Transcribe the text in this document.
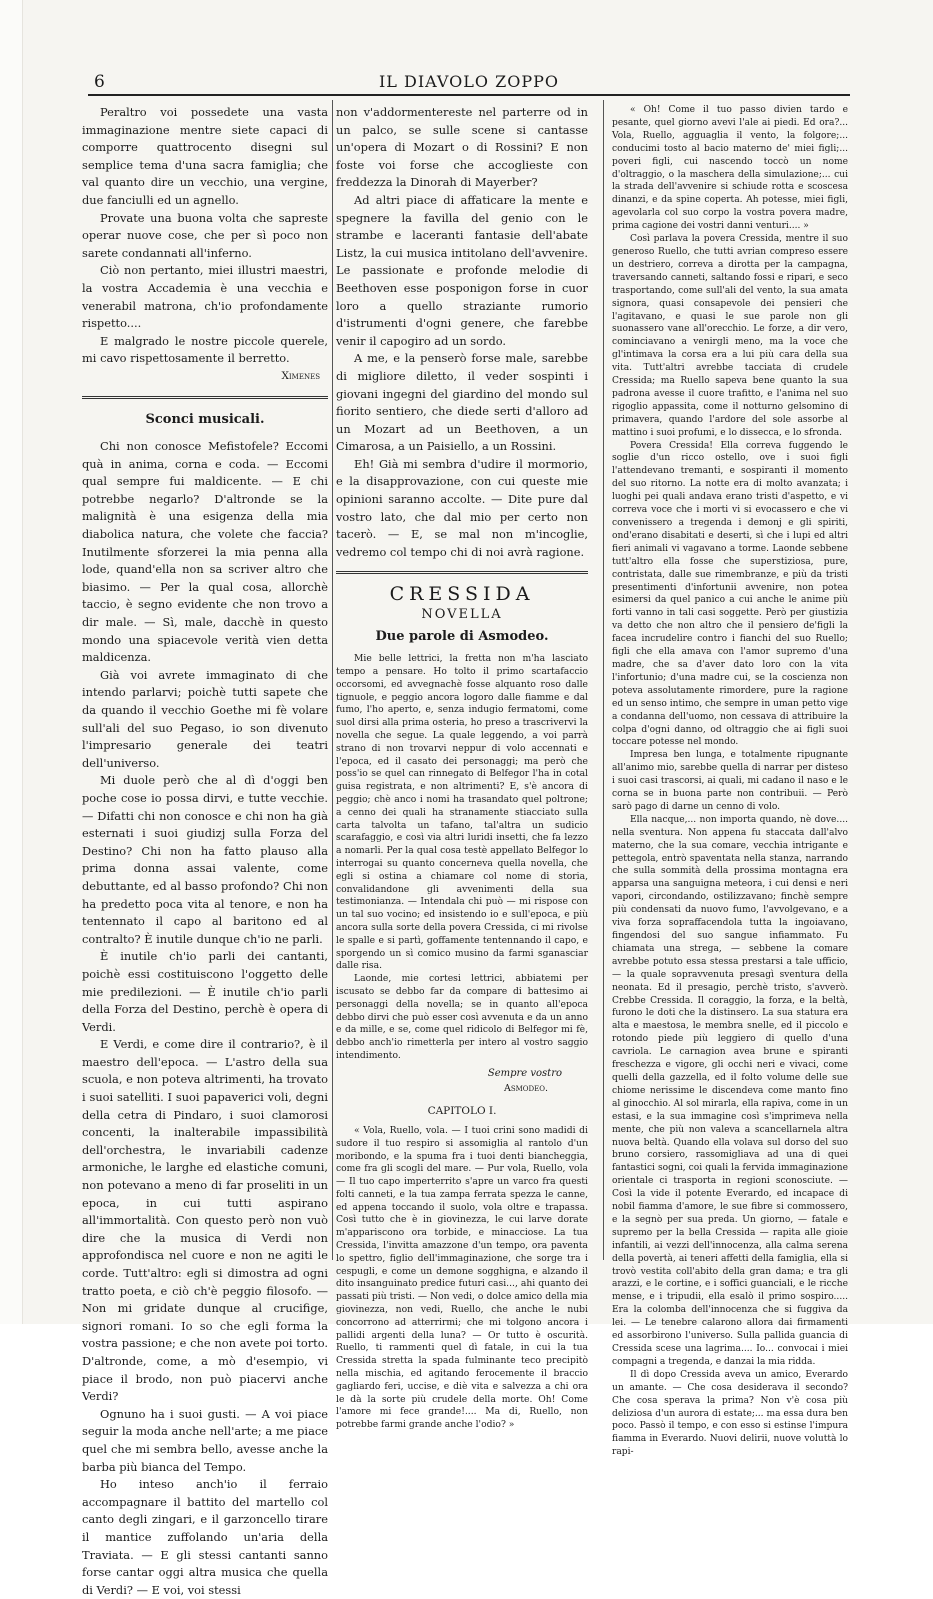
6	IL DIAVOLO ZOPPO

Peraltro voi possedete una vasta immaginazione mentre siete capaci di comporre quattrocento disegni sul semplice tema d'una sacra famiglia; che val quanto dire un vecchio, una vergine, due fanciulli ed un agnello.

Provate una buona volta che sapreste operar nuove cose, che per sì poco non sarete condannati all'inferno.

Ciò non pertanto, miei illustri maestri, la vostra Accademia è una vecchia e venerabil matrona, ch'io profondamente rispetto....

E malgrado le nostre piccole querele, mi cavo rispettosamente il berretto.

Ximenes
Sconci musicali.

Chi non conosce Mefistofele? Eccomi quà in anima, corna e coda. — Eccomi qual sempre fui maldicente. — E chi potrebbe negarlo? D'altronde se la malignità è una esigenza della mia diabolica natura, che volete che faccia? Inutilmente sforzerei la mia penna alla lode, quand'ella non sa scriver altro che biasimo. — Per la qual cosa, allorchè taccio, è segno evidente che non trovo a dir male. — Sì, male, dacchè in questo mondo una spiacevole verità vien detta maldicenza.

Già voi avrete immaginato di che intendo parlarvi; poichè tutti sapete che da quando il vecchio Goethe mi fè volare sull'ali del suo Pegaso, io son divenuto l'impresario generale dei teatri dell'universo.

Mi duole però che al dì d'oggi ben poche cose io possa dirvi, e tutte vecchie. — Difatti chi non conosce e chi non ha già esternati i suoi giudizj sulla Forza del Destino? Chi non ha fatto plauso alla prima donna assai valente, come debuttante, ed al basso profondo? Chi non ha predetto poca vita al tenore, e non ha tentennato il capo al baritono ed al contralto? È inutile dunque ch'io ne parli.

È inutile ch'io parli dei cantanti, poichè essi costituiscono l'oggetto delle mie predilezioni. — È inutile ch'io parli della Forza del Destino, perchè è opera di Verdi.

E Verdi, e come dire il contrario?, è il maestro dell'epoca. — L'astro della sua scuola, e non poteva altrimenti, ha trovato i suoi satelliti. I suoi papaverici voli, degni della cetra di Pindaro, i suoi clamorosi concenti, la inalterabile impassibilità dell'orchestra, le invariabili cadenze armoniche, le larghe ed elastiche comuni, non potevano a meno di far proseliti in un epoca, in cui tutti aspirano all'immortalità. Con questo però non vuò dire che la musica di Verdi non approfondisca nel cuore e non ne agiti le corde. Tutt'altro: egli si dimostra ad ogni tratto poeta, e ciò ch'è peggio filosofo. — Non mi gridate dunque al crucifige, signori romani. Io so che egli forma la vostra passione; e che non avete poi torto. D'altronde, come, a mò d'esempio, vi piace il brodo, non può piacervi anche Verdi?

Ognuno ha i suoi gusti. — A voi piace seguir la moda anche nell'arte; a me piace quel che mi sembra bello, avesse anche la barba più bianca del Tempo.

Ho inteso anch'io il ferraio accompagnare il battito del martello col canto degli zingari, e il garzoncello tirare il mantice zuffolando un'aria della Traviata. — E gli stessi cantanti sanno forse cantar oggi altra musica che quella di Verdi? — E voi, voi stessi

non v'addormentereste nel parterre od in un palco, se sulle scene si cantasse un'opera di Mozart o di Rossini? E non foste voi forse che accoglieste con freddezza la Dinorah di Mayerber?

Ad altri piace di affaticare la mente e spegnere la favilla del genio con le strambe e laceranti fantasie dell'abate Listz, la cui musica intitolano dell'avvenire. Le passionate e profonde melodie di Beethoven esse posponigon forse in cuor loro a quello straziante rumorio d'istrumenti d'ogni genere, che farebbe venir il capogiro ad un sordo.

A me, e la penserò forse male, sarebbe di migliore diletto, il veder sospinti i giovani ingegni del giardino del mondo sul fiorito sentiero, che diede serti d'alloro ad un Mozart ad un Beethoven, a un Cimarosa, a un Paisiello, a un Rossini.

Eh! Già mi sembra d'udire il mormorio, e la disapprovazione, con cui queste mie opinioni saranno accolte. — Dite pure dal vostro lato, che dal mio per certo non tacerò. — E, se mal non m'incoglie, vedremo col tempo chi di noi avrà ragione.

CRESSIDA
NOVELLA
Due parole di Asmodeo.

Mie belle lettrici, la fretta non m'ha lasciato tempo a pensare. Ho tolto il primo scartafaccio occorsomi, ed avvegnachè fosse alquanto roso dalle tignuole, e peggio ancora logoro dalle fiamme e dal fumo, l'ho aperto, e, senza indugio fermatomi, come suol dirsi alla prima osteria, ho preso a trascrivervi la novella che segue. La quale leggendo, a voi parrà strano di non trovarvi neppur di volo accennati e l'epoca, ed il casato dei personaggi; ma però che poss'io se quel can rinnegato di Belfegor l'ha in cotal guisa registrata, e non altrimenti? E, s'è ancora di peggio; chè anco i nomi ha trasandato quel poltrone; a cenno dei quali ha stranamente stiacciato sulla carta talvolta un tafano, tal'altra un sudicio scarafaggio, e così via altri luridi insetti, che fa lezzo a nomarli. Per la qual cosa testè appellato Belfegor lo interrogai su quanto concerneva quella novella, che egli si ostina a chiamare col nome di storia, convalidandone gli avvenimenti della sua testimonianza. — Intendala chi può — mi rispose con un tal suo vocino; ed insistendo io e sull'epoca, e più ancora sulla sorte della povera Cressida, ci mi rivolse le spalle e si partì, goffamente tentennando il capo, e sporgendo un sì comico musino da farmi sganasciar dalle risa.

Laonde, mie cortesi lettrici, abbiatemi per iscusato se debbo far da compare di battesimo ai personaggi della novella; se in quanto all'epoca debbo dirvi che può esser così avvenuta e da un anno e da mille, e se, come quel ridicolo di Belfegor mi fè, debbo anch'io rimetterla per intero al vostro saggio intendimento.

Sempre vostro
Asmodeo.
CAPITOLO I.

« Vola, Ruello, vola. — I tuoi crini sono madidi di sudore il tuo respiro si assomiglia al rantolo d'un moribondo, e la spuma fra i tuoi denti biancheggia, come fra gli scogli del mare. — Pur vola, Ruello, vola — Il tuo capo imperterrito s'apre un varco fra questi folti canneti, e la tua zampa ferrata spezza le canne, ed appena toccando il suolo, vola oltre e trapassa. Così tutto che è in giovinezza, le cui larve dorate m'appariscono ora torbide, e minacciose. La tua Cressida, l'invitta amazzone d'un tempo, ora paventa lo spettro, figlio dell'immaginazione, che sorge tra i cespugli, e come un demone sogghigna, e alzando il dito insanguinato predice futuri casi..., ahi quanto dei passati più tristi. — Non vedi, o dolce amico della mia giovinezza, non vedi, Ruello, che anche le nubi concorrono ad atterrirmi; che mi tolgono ancora i pallidi argenti della luna? — Or tutto è oscurità. Ruello, ti rammenti quel dì fatale, in cui la tua Cressida stretta la spada fulminante teco precipitò nella mischia, ed agitando ferocemente il braccio gagliardo feri, uccise, e diè vita e salvezza a chi ora le dà la sorte più crudele della morte. Oh! Come l'amore mi fece grande!.... Ma di, Ruello, non potrebbe farmi grande anche l'odio? »

« Oh! Come il tuo passo divien tardo e pesante, quel giorno avevi l'ale ai piedi. Ed ora?... Vola, Ruello, agguaglia il vento, la folgore;... conducimi tosto al bacio materno de' miei figli;... poveri figli, cui nascendo toccò un nome d'oltraggio, o la maschera della simulazione;... cui la strada dell'avvenire si schiude rotta e scoscesa dinanzi, e da spine coperta. Ah potesse, miei figli, agevolarla col suo corpo la vostra povera madre, prima cagione dei vostri danni venturi.... »

Così parlava la povera Cressida, mentre il suo generoso Ruello, che tutti avrian compreso essere un destriero, correva a dirotta per la campagna, traversando canneti, saltando fossi e ripari, e seco trasportando, come sull'ali del vento, la sua amata signora, quasi consapevole dei pensieri che l'agitavano, e quasi le sue parole non gli suonassero vane all'orecchio. Le forze, a dir vero, cominciavano a venirgli meno, ma la voce che gl'intimava la corsa era a lui più cara della sua vita. Tutt'altri avrebbe tacciata di crudele Cressida; ma Ruello sapeva bene quanto la sua padrona avesse il cuore trafitto, e l'anima nel suo rigoglio appassita, come il notturno gelsomino di primavera, quando l'ardore del sole assorbe al mattino i suoi profumi, e lo dissecca, e lo sfronda.

Povera Cressida! Ella correva fuggendo le soglie d'un ricco ostello, ove i suoi figli l'attendevano tremanti, e sospiranti il momento del suo ritorno. La notte era di molto avanzata; i luoghi pei quali andava erano tristi d'aspetto, e vi correva voce che i morti vi si evocassero e che vi convenissero a tregenda i demonj e gli spiriti, ond'erano disabitati e deserti, sì che i lupi ed altri fieri animali vi vagavano a torme. Laonde sebbene tutt'altro ella fosse che superstiziosa, pure, contristata, dalle sue rimembranze, e più da tristi presentimenti d'infortunii avvenire, non potea esimersi da quel panico a cui anche le anime più forti vanno in tali casi soggette. Però per giustizia va detto che non altro che il pensiero de'figli la facea incrudelire contro i fianchi del suo Ruello; figli che ella amava con l'amor supremo d'una madre, che sa d'aver dato loro con la vita l'infortunio; d'una madre cui, se la coscienza non poteva assolutamente rimordere, pure la ragione ed un senso intimo, che sempre in uman petto vige a condanna dell'uomo, non cessava di attribuire la colpa d'ogni danno, od oltraggio che ai figli suoi toccare potesse nel mondo.

Impresa ben lunga, e totalmente ripugnante all'animo mio, sarebbe quella di narrar per disteso i suoi casi trascorsi, ai quali, mi cadano il naso e le corna se in buona parte non contribuii. — Però sarò pago di darne un cenno di volo.

Ella nacque,... non importa quando, nè dove.... nella sventura. Non appena fu staccata dall'alvo materno, che la sua comare, vecchia intrigante e pettegola, entrò spaventata nella stanza, narrando che sulla sommità della prossima montagna era apparsa una sanguigna meteora, i cui densi e neri vapori, circondando, ostilizzavano; finchè sempre più condensati da nuovo fumo, l'avvolgevano, e a viva forza sopraffacendola tutta la ingoiavano, fingendosi del suo sangue infiammato. Fu chiamata una strega, — sebbene la comare avrebbe potuto essa stessa prestarsi a tale ufficio, — la quale sopravvenuta presagì sventura della neonata. Ed il presagio, perchè tristo, s'avverò. Crebbe Cressida. Il coraggio, la forza, e la beltà, furono le doti che la distinsero. La sua statura era alta e maestosa, le membra snelle, ed il piccolo e rotondo piede più leggiero di quello d'una cavriola. Le carnagion avea brune e spiranti freschezza e vigore, gli occhi neri e vivaci, come quelli della gazzella, ed il folto volume delle sue chiome nerissime le discendeva come manto fino al ginocchio. Al sol mirarla, ella rapiva, come in un estasi, e la sua immagine così s'imprimeva nella mente, che più non valeva a scancellarnela altra nuova beltà. Quando ella volava sul dorso del suo bruno corsiero, rassomigliava ad una di quei fantastici sogni, coi quali la fervida immaginazione orientale ci trasporta in regioni sconosciute. — Così la vide il potente Everardo, ed incapace di nobil fiamma d'amore, le sue fibre si commossero, e la segnò per sua preda. Un giorno, — fatale e supremo per la bella Cressida — rapita alle gioie infantili, ai vezzi dell'innocenza, alla calma serena della povertà, ai teneri affetti della famiglia, ella si trovò vestita coll'abito della gran dama; e tra gli arazzi, e le cortine, e i soffici guanciali, e le ricche mense, e i tripudii, ella esalò il primo sospiro..... Era la colomba dell'innocenza che si fuggiva da lei. — Le tenebre calarono allora dai firmamenti ed assorbirono l'universo. Sulla pallida guancia di Cressida scese una lagrima.... Io... convocai i miei compagni a tregenda, e danzai la mia ridda.

Il dì dopo Cressida aveva un amico, Everardo un amante. — Che cosa desiderava il secondo? Che cosa sperava la prima? Non v'è cosa più deliziosa d'un aurora di estate;... ma essa dura ben poco. Passò il tempo, e con esso si estinse l'impura fiamma in Everardo. Nuovi delirii, nuove voluttà lo rapi-
